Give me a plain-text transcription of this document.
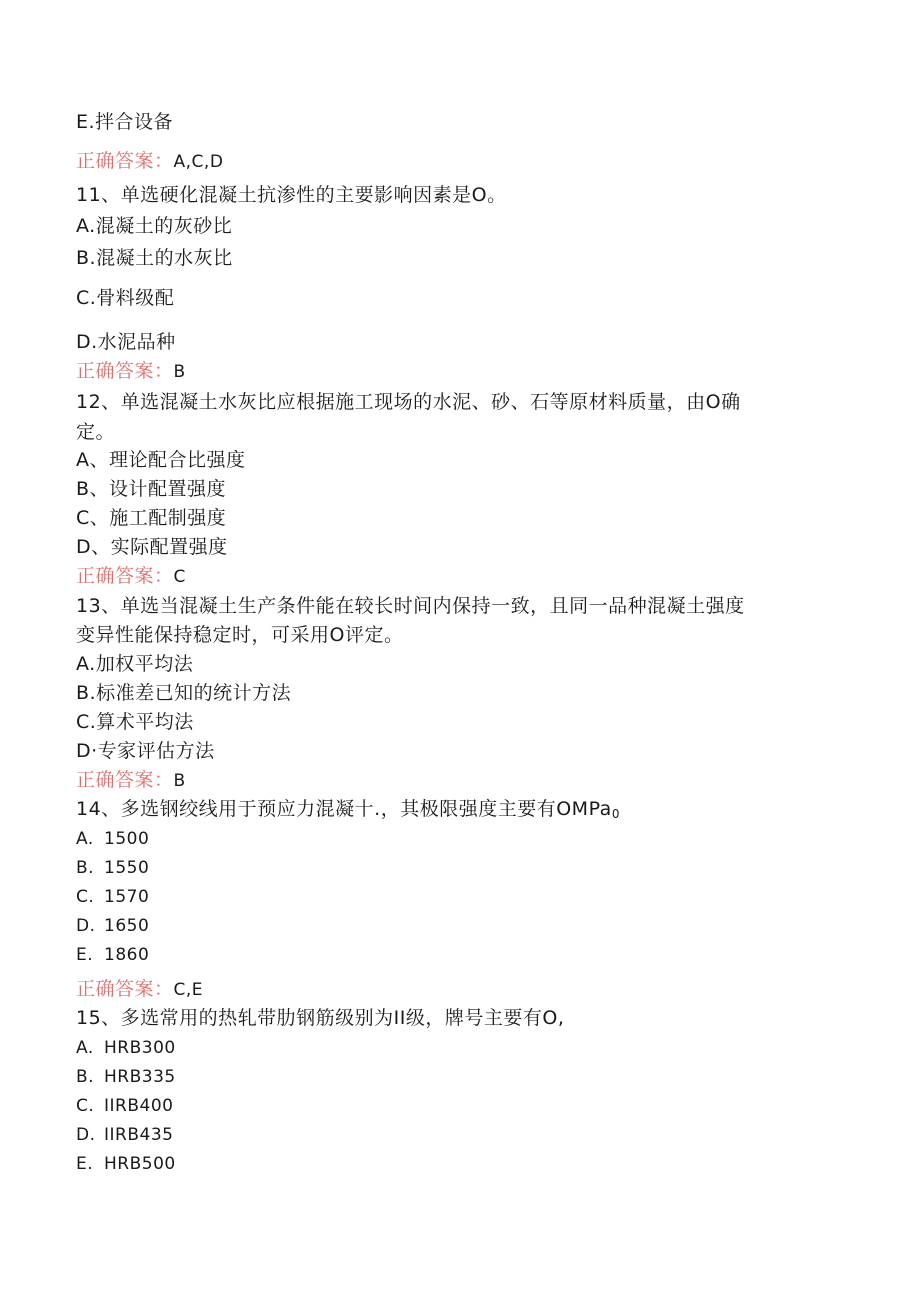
E.拌合设备
正确答案：A,C,D
11、单选硬化混凝土抗渗性的主要影响因素是O。
A.混凝土的灰砂比
B.混凝土的水灰比
C.骨料级配
D.水泥品种
正确答案：B
12、单选混凝土水灰比应根据施工现场的水泥、砂、石等原材料质量，由O确
定。
A、理论配合比强度
B、设计配置强度
C、施工配制强度
D、实际配置强度
正确答案：C
13、单选当混凝土生产条件能在较长时间内保持一致，且同一品种混凝土强度
变异性能保持稳定时，可采用O评定。
A.加权平均法
B.标准差已知的统计方法
C.算术平均法
D·专家评估方法
正确答案：B
14、多选钢绞线用于预应力混凝十.，其极限强度主要有OMPa$_0$
A. 1500
B. 1550
C. 1570
D. 1650
E. 1860
正确答案：C,E
15、多选常用的热轧带肋钢筋级别为II级，牌号主要有O,
A. HRB300
B. HRB335
C. IIRB400
D. IIRB435
E. HRB500
